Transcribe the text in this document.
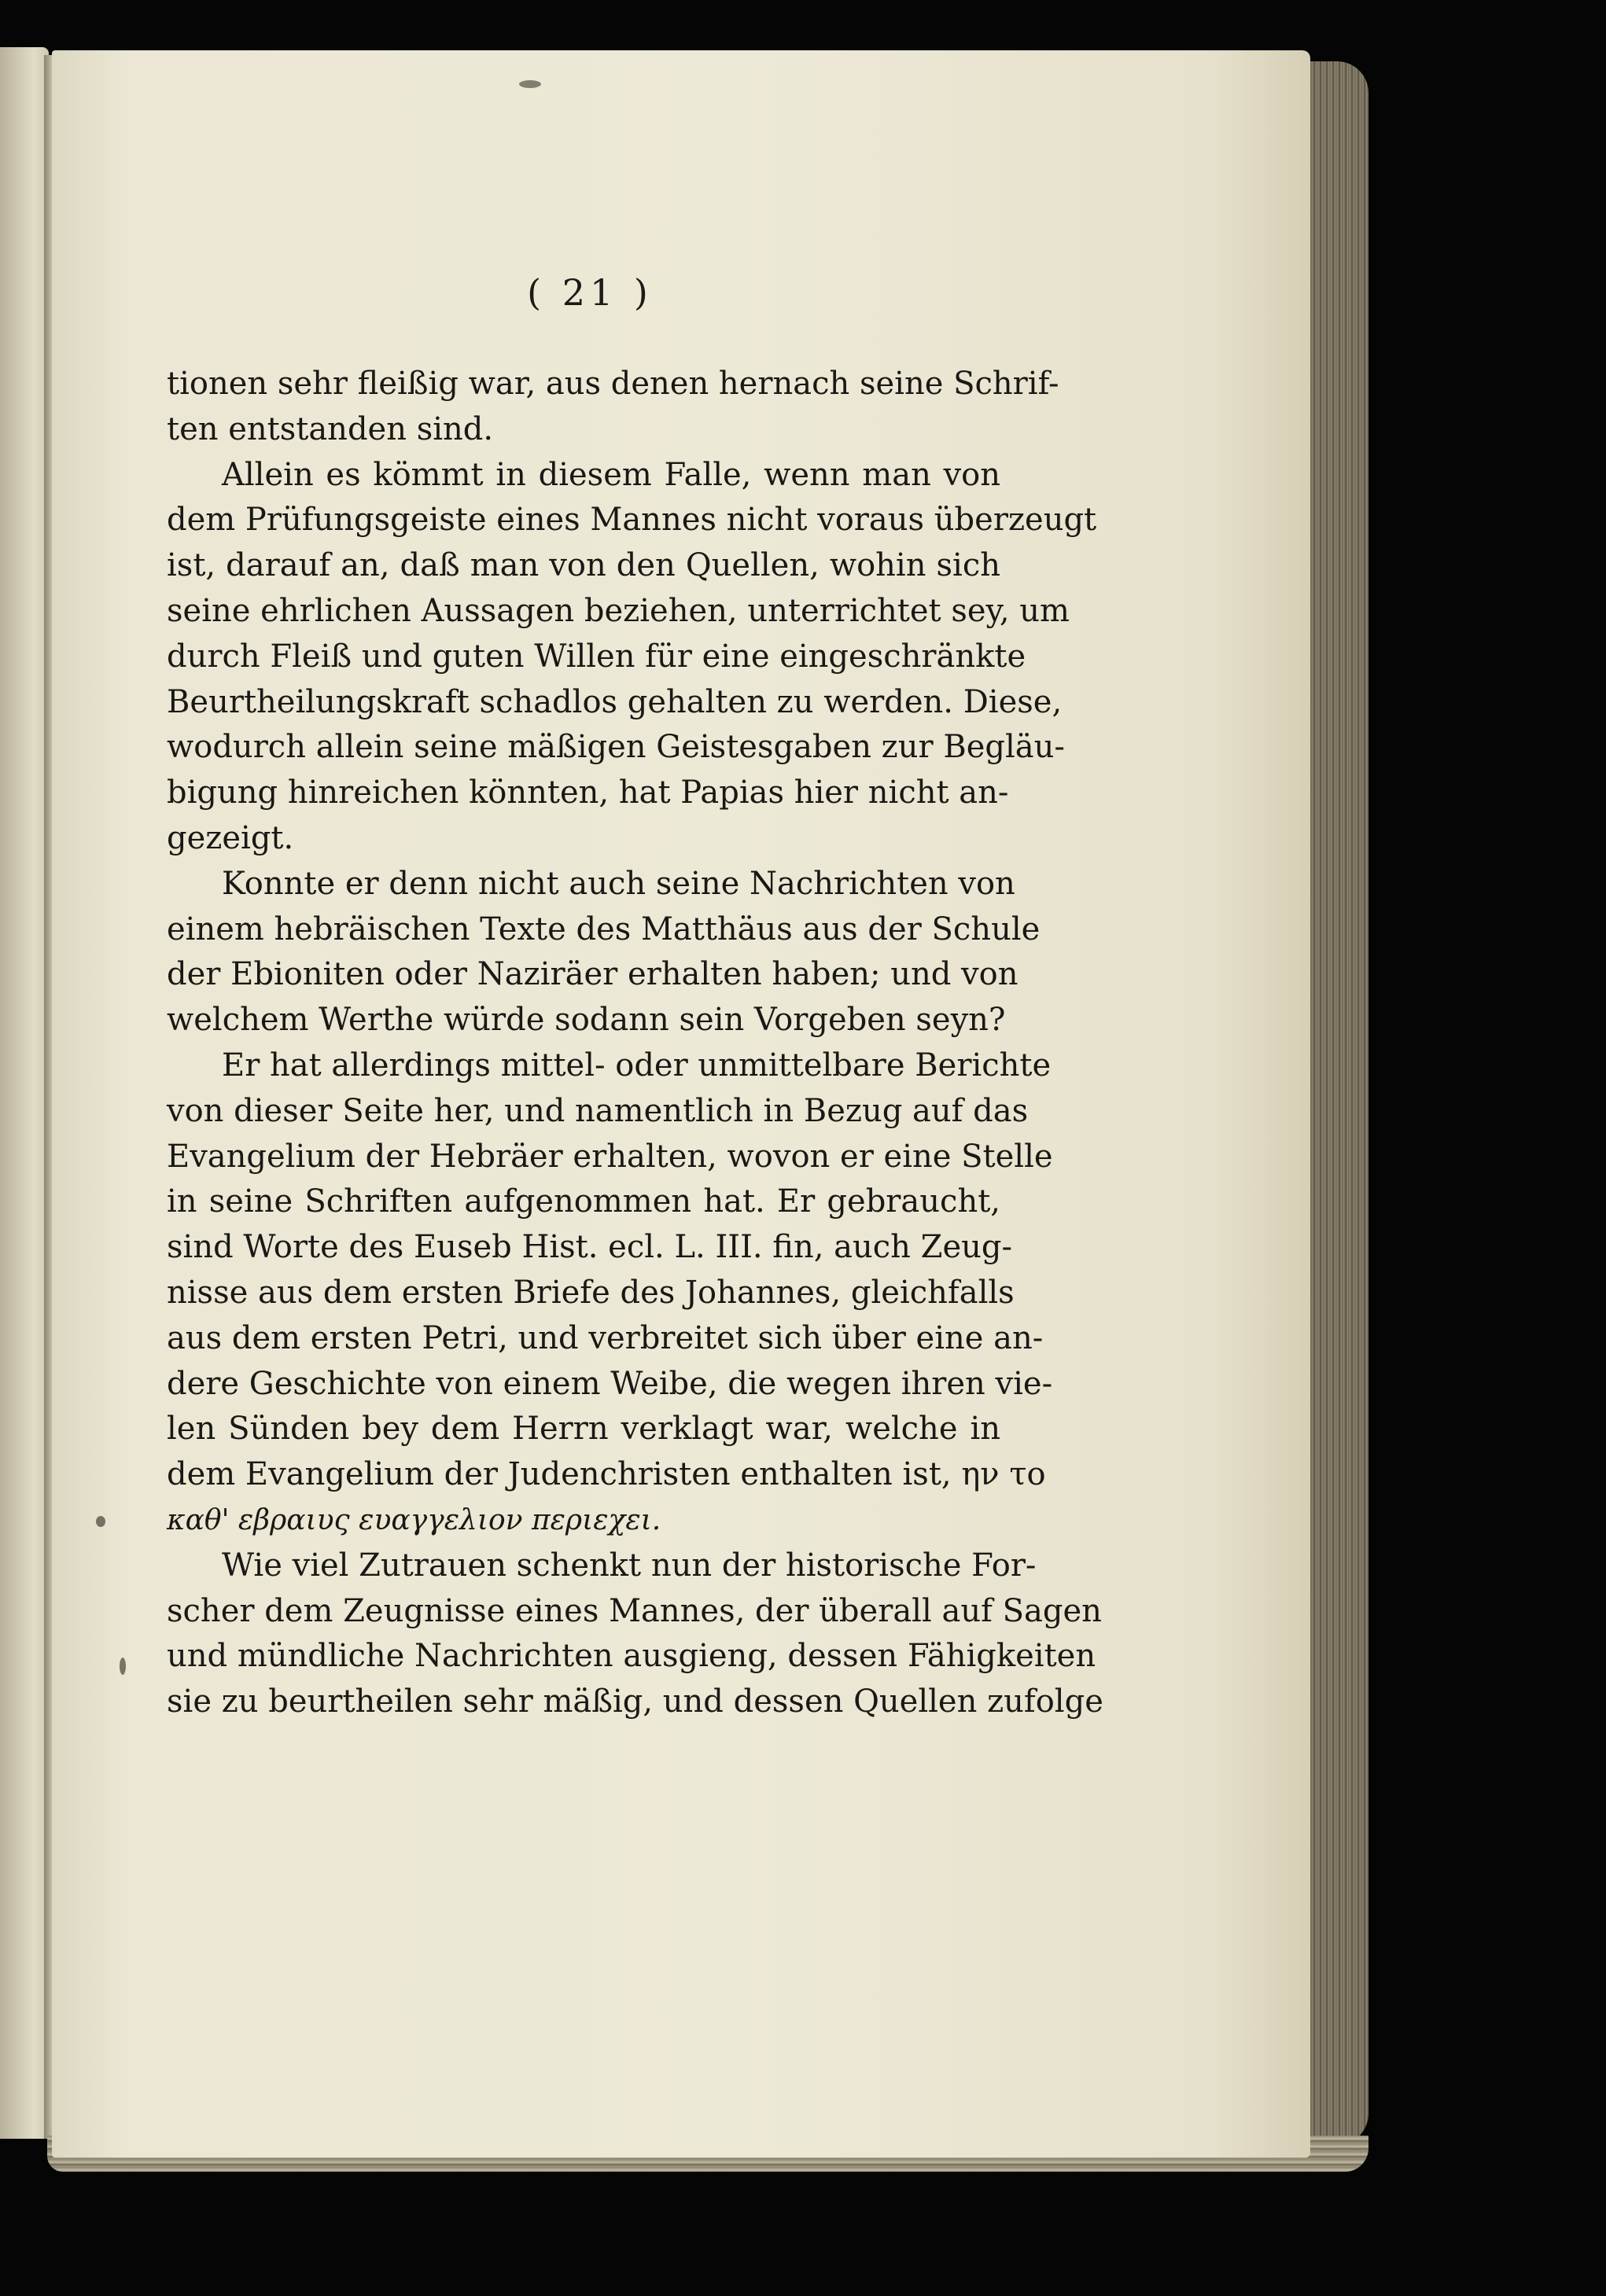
( 21 )
tionen sehr fleißig war, aus denen hernach seine Schrif-
ten entstanden sind.
Allein es kömmt in diesem Falle, wenn man von
dem Prüfungsgeiste eines Mannes nicht voraus überzeugt
ist, darauf an, daß man von den Quellen, wohin sich
seine ehrlichen Aussagen beziehen, unterrichtet sey, um
durch Fleiß und guten Willen für eine eingeschränkte
Beurtheilungskraft schadlos gehalten zu werden. Diese,
wodurch allein seine mäßigen Geistesgaben zur Begläu-
bigung hinreichen könnten, hat Papias hier nicht an-
gezeigt.
Konnte er denn nicht auch seine Nachrichten von
einem hebräischen Texte des Matthäus aus der Schule
der Ebioniten oder Naziräer erhalten haben; und von
welchem Werthe würde sodann sein Vorgeben seyn?
Er hat allerdings mittel- oder unmittelbare Berichte
von dieser Seite her, und namentlich in Bezug auf das
Evangelium der Hebräer erhalten, wovon er eine Stelle
in seine Schriften aufgenommen hat. Er gebraucht,
sind Worte des Euseb Hist. ecl. L. III. fin, auch Zeug-
nisse aus dem ersten Briefe des Johannes, gleichfalls
aus dem ersten Petri, und verbreitet sich über eine an-
dere Geschichte von einem Weibe, die wegen ihren vie-
len Sünden bey dem Herrn verklagt war, welche in
dem Evangelium der Judenchristen enthalten ist, ην το
καθ' εβραιυς ευαγγελιον περιεχει.
Wie viel Zutrauen schenkt nun der historische For-
scher dem Zeugnisse eines Mannes, der überall auf Sagen
und mündliche Nachrichten ausgieng, dessen Fähigkeiten
sie zu beurtheilen sehr mäßig, und dessen Quellen zufolge
